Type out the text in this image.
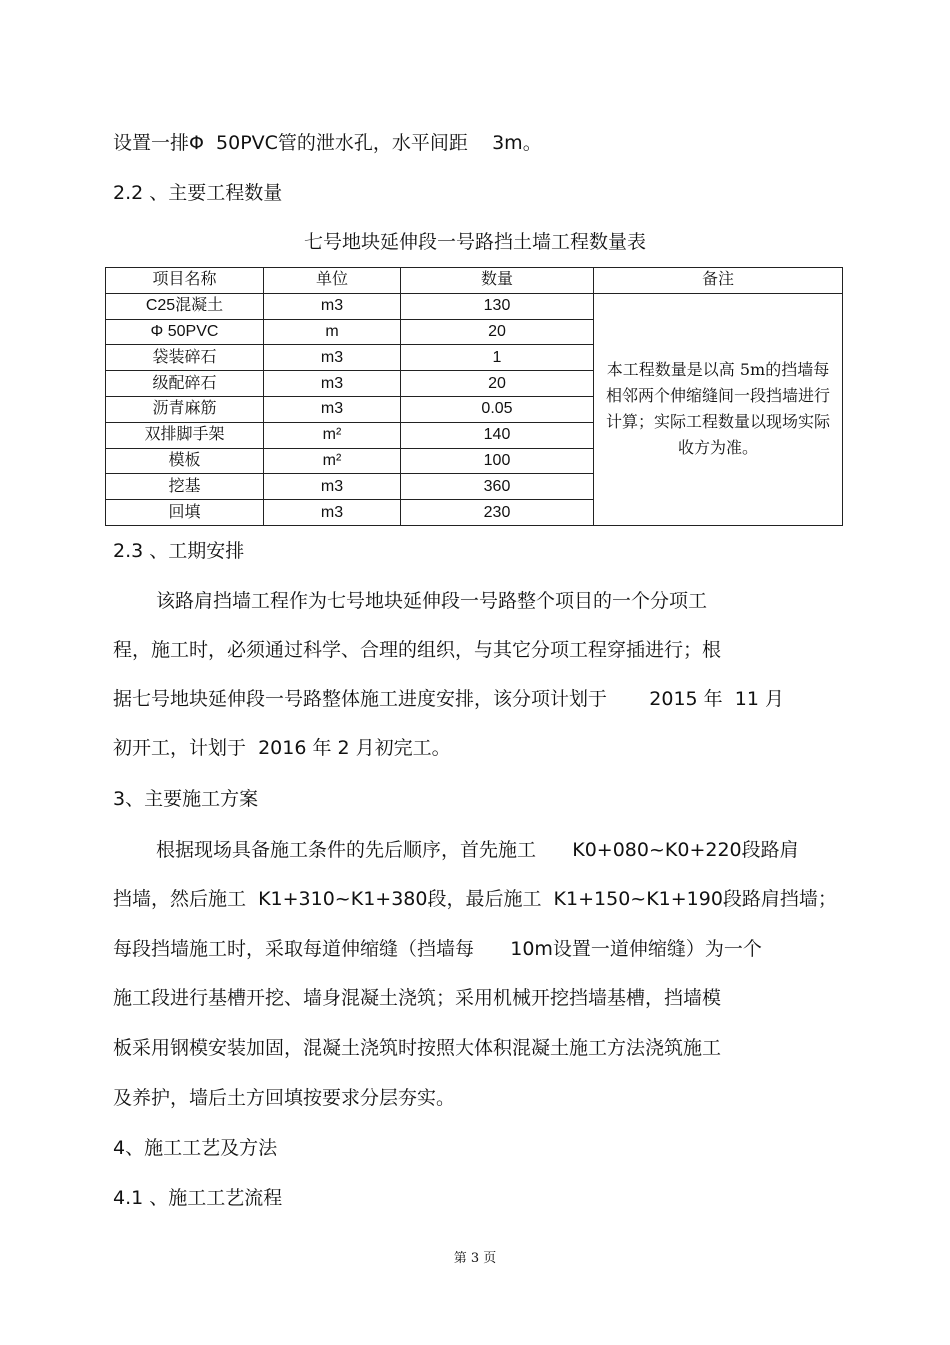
设置一排Φ  50PVC管的泄水孔，水平间距    3m。
2.2 、主要工程数量
七号地块延伸段一号路挡土墙工程数量表
项目名称	单位	数量	备注
C25混凝土	m3	130	本工程数量是以高 5m的挡墙每相邻两个伸缩缝间一段挡墙进行计算；实际工程数量以现场实际收方为准。
Φ 50PVC	m	20	
袋装碎石	m3	1	
级配碎石	m3	20	
沥青麻筋	m3	0.05	
双排脚手架	m²	140	
模板	m²	100	
挖基	m3	360	
回填	m3	230	
2.3 、工期安排
该路肩挡墙工程作为七号地块延伸段一号路整个项目的一个分项工
程，施工时，必须通过科学、合理的组织，与其它分项工程穿插进行；根
据七号地块延伸段一号路整体施工进度安排，该分项计划于       2015 年  11 月
初开工，计划于  2016 年 2 月初完工。
3、主要施工方案
根据现场具备施工条件的先后顺序，首先施工      K0+080~K0+220段路肩
挡墙，然后施工  K1+310~K1+380段，最后施工  K1+150~K1+190段路肩挡墙；
每段挡墙施工时，采取每道伸缩缝（挡墙每      10m设置一道伸缩缝）为一个
施工段进行基槽开挖、墙身混凝土浇筑；采用机械开挖挡墙基槽，挡墙模
板采用钢模安装加固，混凝土浇筑时按照大体积混凝土施工方法浇筑施工
及养护，墙后土方回填按要求分层夯实。
4、施工工艺及方法
4.1 、施工工艺流程
第 3 页
